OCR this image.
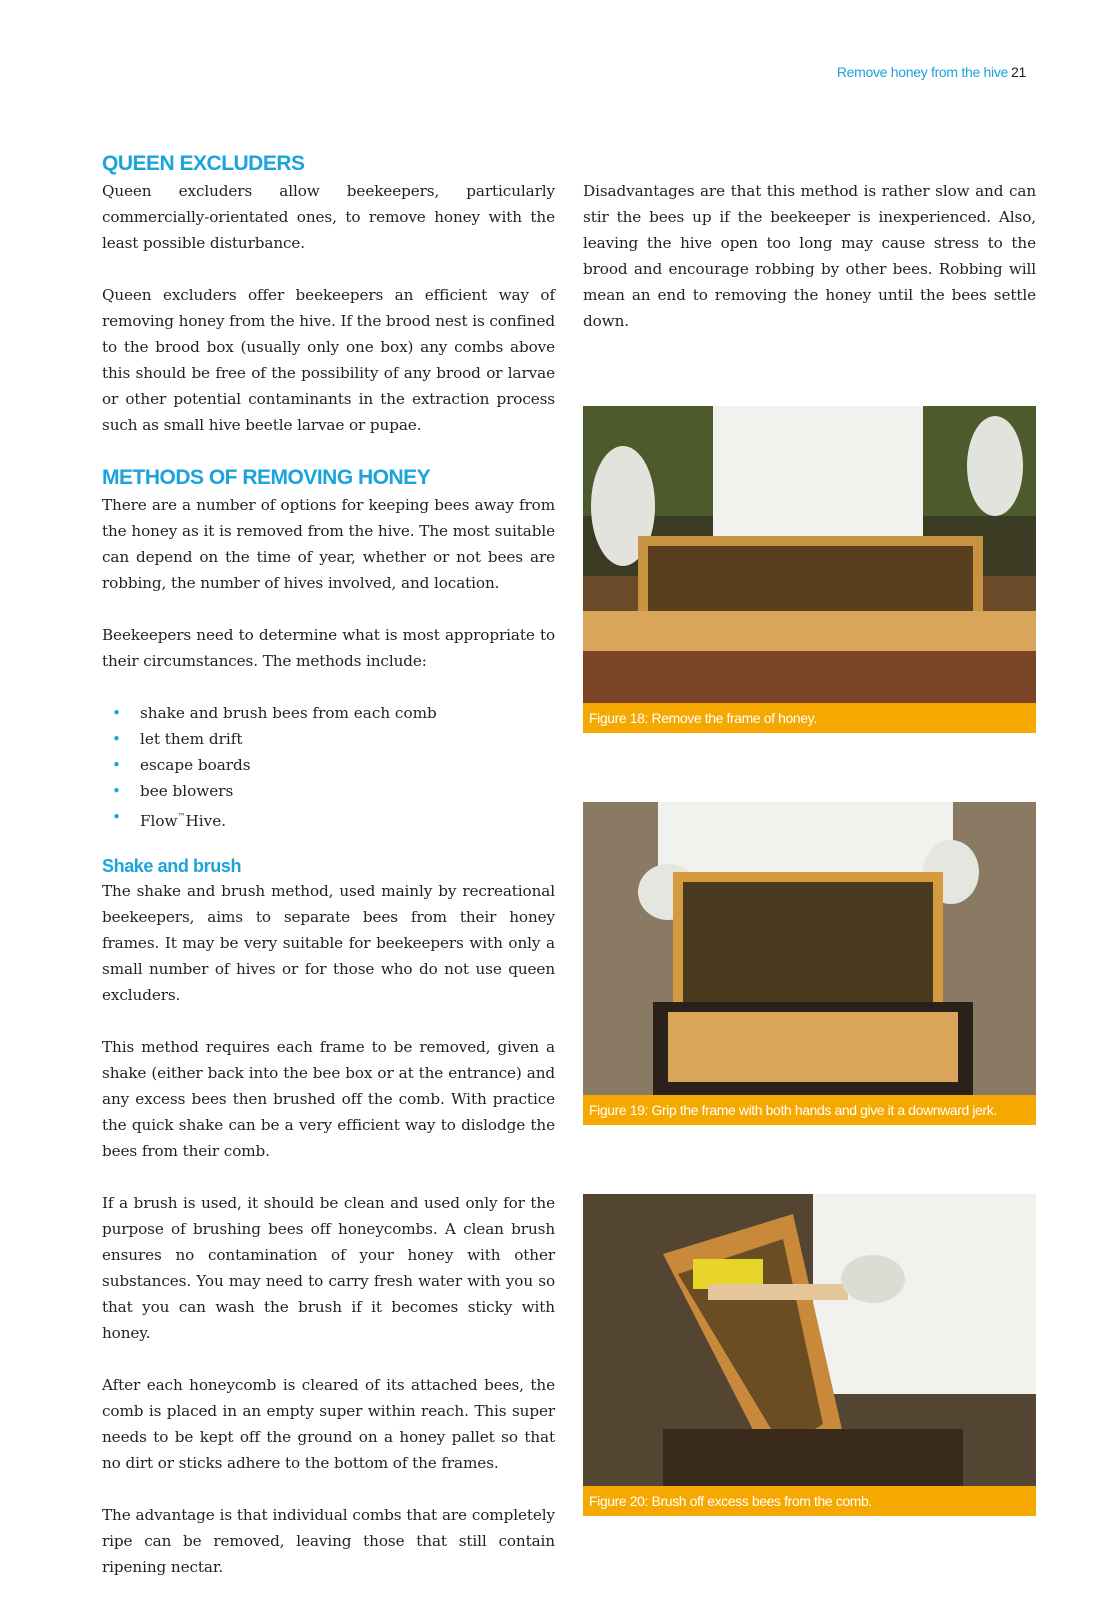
Remove honey from the hive 21
QUEEN EXCLUDERS

Queen excluders allow beekeepers, particularly commercially-orientated ones, to remove honey with the least possible disturbance.

Queen excluders offer beekeepers an efficient way of removing honey from the hive. If the brood nest is confined to the brood box (usually only one box) any combs above this should be free of the possibility of any brood or larvae or other potential contaminants in the extraction process such as small hive beetle larvae or pupae.

METHODS OF REMOVING HONEY

There are a number of options for keeping bees away from the honey as it is removed from the hive. The most suitable can depend on the time of year, whether or not bees are robbing, the number of hives involved, and location.

Beekeepers need to determine what is most appropriate to their circumstances. The methods include:

• shake and brush bees from each comb
• let them drift
• escape boards
• bee blowers
• Flow™Hive.
Shake and brush

The shake and brush method, used mainly by recreational beekeepers, aims to separate bees from their honey frames. It may be very suitable for beekeepers with only a small number of hives or for those who do not use queen excluders.

This method requires each frame to be removed, given a shake (either back into the bee box or at the entrance) and any excess bees then brushed off the comb. With practice the quick shake can be a very efficient way to dislodge the bees from their comb.

If a brush is used, it should be clean and used only for the purpose of brushing bees off honeycombs. A clean brush ensures no contamination of your honey with other substances. You may need to carry fresh water with you so that you can wash the brush if it becomes sticky with honey.

After each honeycomb is cleared of its attached bees, the comb is placed in an empty super within reach. This super needs to be kept off the ground on a honey pallet so that no dirt or sticks adhere to the bottom of the frames.

The advantage is that individual combs that are completely ripe can be removed, leaving those that still contain ripening nectar.

Disadvantages are that this method is rather slow and can stir the bees up if the beekeeper is inexperienced. Also, leaving the hive open too long may cause stress to the brood and encourage robbing by other bees. Robbing will mean an end to removing the honey until the bees settle down.

Figure 18: Remove the frame of honey.
Figure 19: Grip the frame with both hands and give it a downward jerk.
Figure 20: Brush off excess bees from the comb.
